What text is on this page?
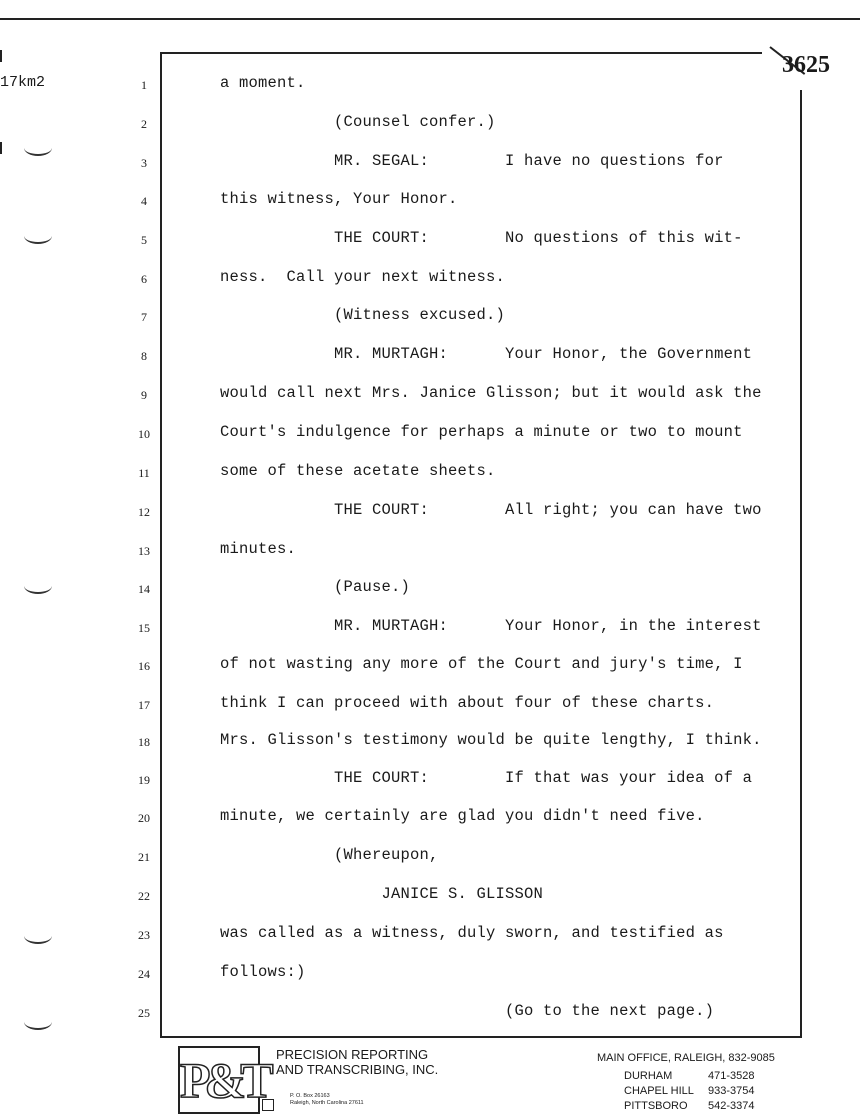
17km2
3625
1	a moment.
2	(Counsel confer.)
3	MR. SEGAL:        I have no questions for
4	this witness, Your Honor.
5	THE COURT:        No questions of this wit-
6	ness.  Call your next witness.
7	(Witness excused.)
8	MR. MURTAGH:      Your Honor, the Government
9	would call next Mrs. Janice Glisson; but it would ask the
10	Court's indulgence for perhaps a minute or two to mount
11	some of these acetate sheets.
12	THE COURT:        All right; you can have two
13	minutes.
14	(Pause.)
15	MR. MURTAGH:      Your Honor, in the interest
16	of not wasting any more of the Court and jury's time, I
17	think I can proceed with about four of these charts.
18	Mrs. Glisson's testimony would be quite lengthy, I think.
19	THE COURT:        If that was your idea of a
20	minute, we certainly are glad you didn't need five.
21	(Whereupon,
22	JANICE S. GLISSON
23	was called as a witness, duly sworn, and testified as
24	follows:)
25	(Go to the next page.)
P&T PRECISION REPORTING
AND TRANSCRIBING, INC.
P. O. Box 26163
Raleigh, North Carolina 27611
MAIN OFFICE, RALEIGH, 832-9085
DURHAM	471-3528
CHAPEL HILL 933-3754
PITTSBORO 542-3374
